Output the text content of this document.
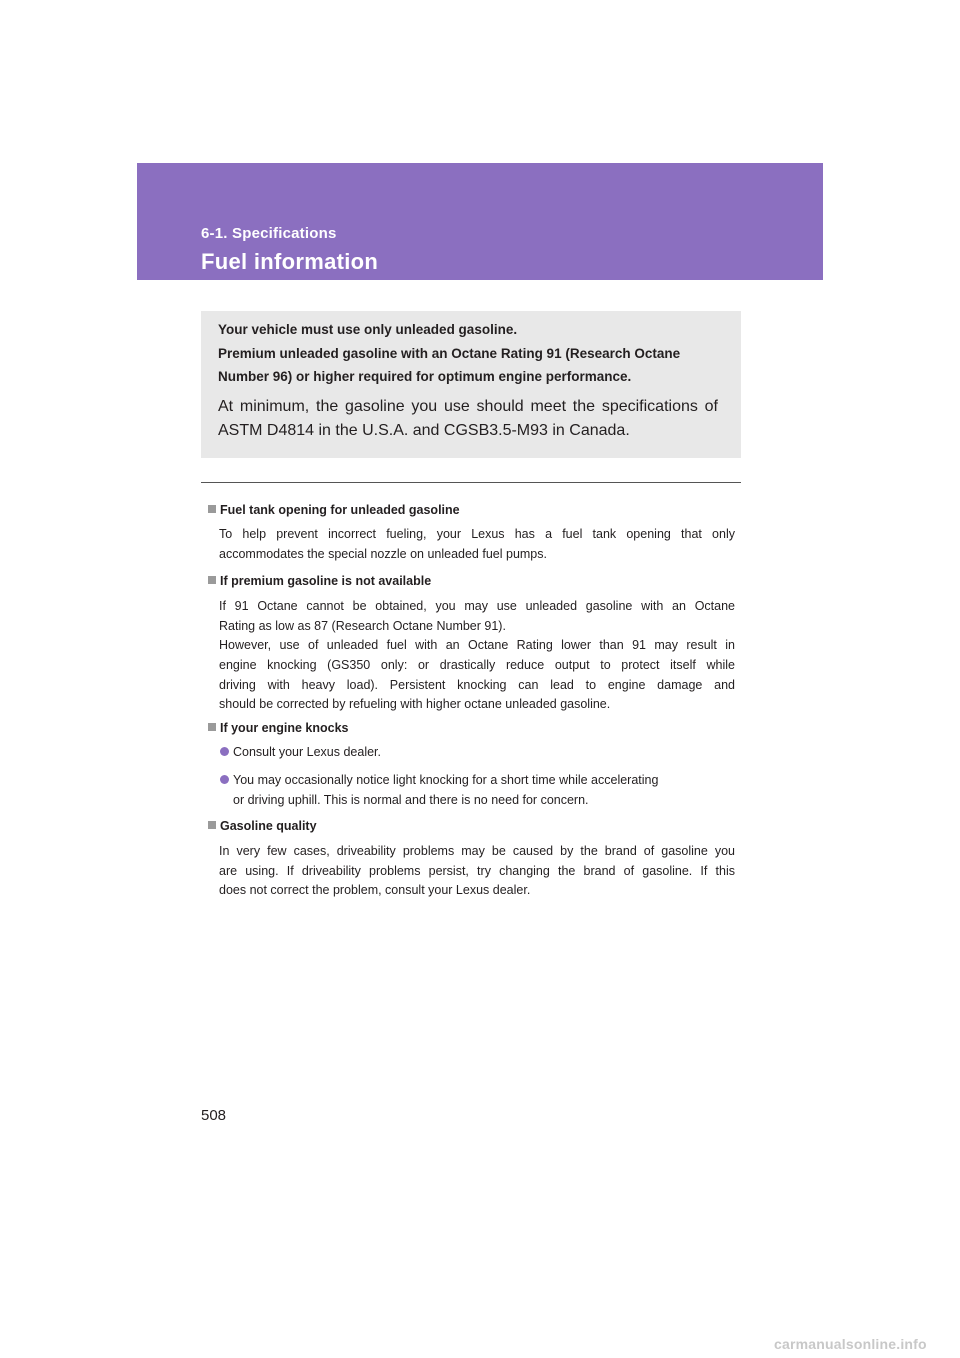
6-1. Specifications
Fuel information
Your vehicle must use only unleaded gasoline.
Premium unleaded gasoline with an Octane Rating 91 (Research Octane
Number 96) or higher required for optimum engine performance.
At minimum, the gasoline you use should meet the specifications of
ASTM D4814 in the U.S.A. and CGSB3.5-M93 in Canada.
Fuel tank opening for unleaded gasoline
To help prevent incorrect fueling, your Lexus has a fuel tank opening that only
accommodates the special nozzle on unleaded fuel pumps.
If premium gasoline is not available
If 91 Octane cannot be obtained, you may use unleaded gasoline with an Octane
Rating as low as 87 (Research Octane Number 91).
However, use of unleaded fuel with an Octane Rating lower than 91 may result in
engine knocking (GS350 only: or drastically reduce output to protect itself while
driving with heavy load). Persistent knocking can lead to engine damage and
should be corrected by refueling with higher octane unleaded gasoline.
If your engine knocks
Consult your Lexus dealer.
You may occasionally notice light knocking for a short time while accelerating
or driving uphill. This is normal and there is no need for concern.
Gasoline quality
In very few cases, driveability problems may be caused by the brand of gasoline you
are using. If driveability problems persist, try changing the brand of gasoline. If this
does not correct the problem, consult your Lexus dealer.
508
carmanualsonline.info
